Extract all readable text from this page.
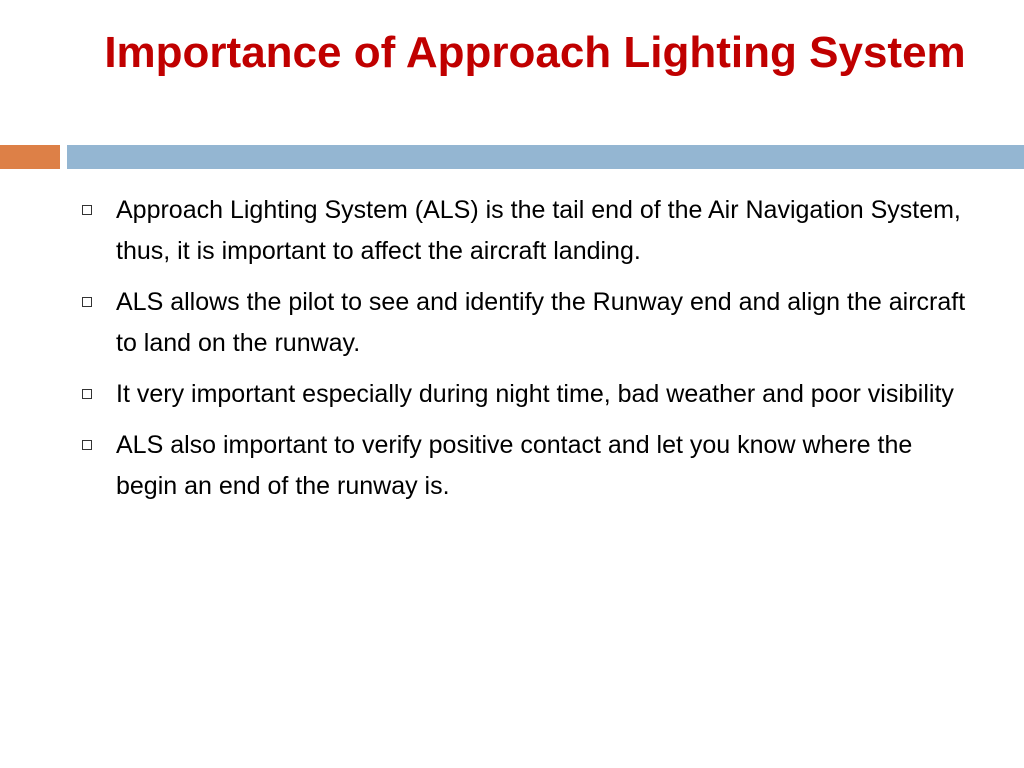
Importance of Approach Lighting System
Approach Lighting System (ALS) is the tail end of the Air Navigation System, thus, it is important to affect the aircraft landing.
ALS allows the pilot to see and identify the Runway end and align the aircraft to land on the runway.
It very important especially during night time, bad weather and poor visibility
ALS also important to verify positive contact and let you know where the begin an end of the runway is.
